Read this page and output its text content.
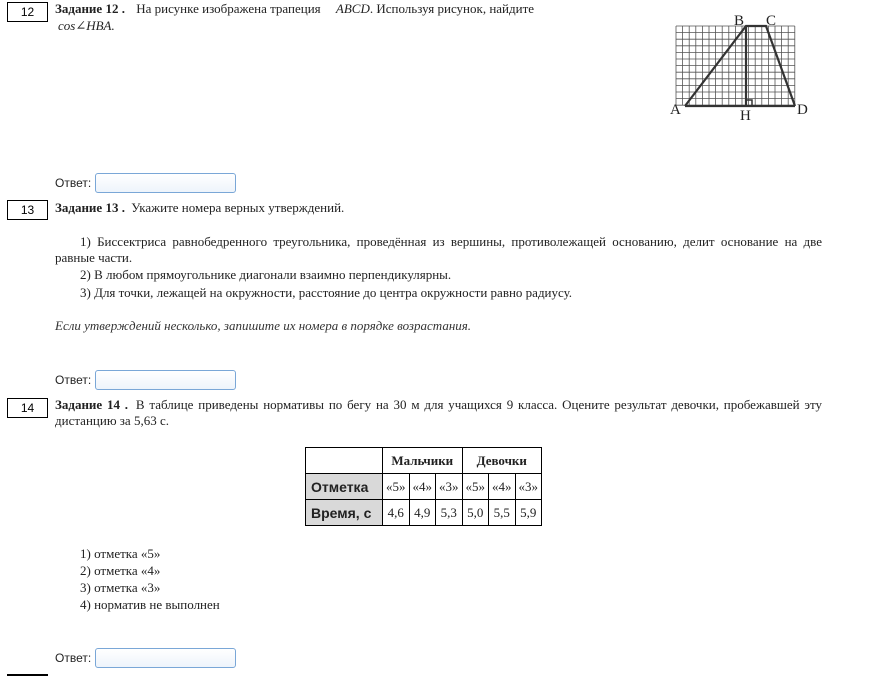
12	Задание 12 . На рисунке изображена трапеция ABCD. Используя рисунок, найдите
cos∠HBA.	B C
A	D
H
Ответ:
13	Задание 13 . Укажите номера верных утверждений.
1) Биссектриса равнобедренного треугольника, проведённая из вершины, противолежащей основанию, делит основание на две равные части.
2) В любом прямоугольнике диагонали взаимно перпендикулярны.
3) Для точки, лежащей на окружности, расстояние до центра окружности равно радиусу.
Если утверждений несколько, запишите их номера в порядке возрастания.
Ответ:
14	Задание 14 . В таблице приведены нормативы по бегу на 30 м для учащихся 9 класса. Оцените результат девочки, пробежавшей эту дистанцию за 5,63 с.
	Мальчики			Девочки		
Отметка	«5»	«4»	«3»	«5»	«4»	«3»
Время, с	4,6	4,9	5,3	5,0	5,5	5,9
1) отметка «5»
2) отметка «4»
3) отметка «3»
4) норматив не выполнен
Ответ:
